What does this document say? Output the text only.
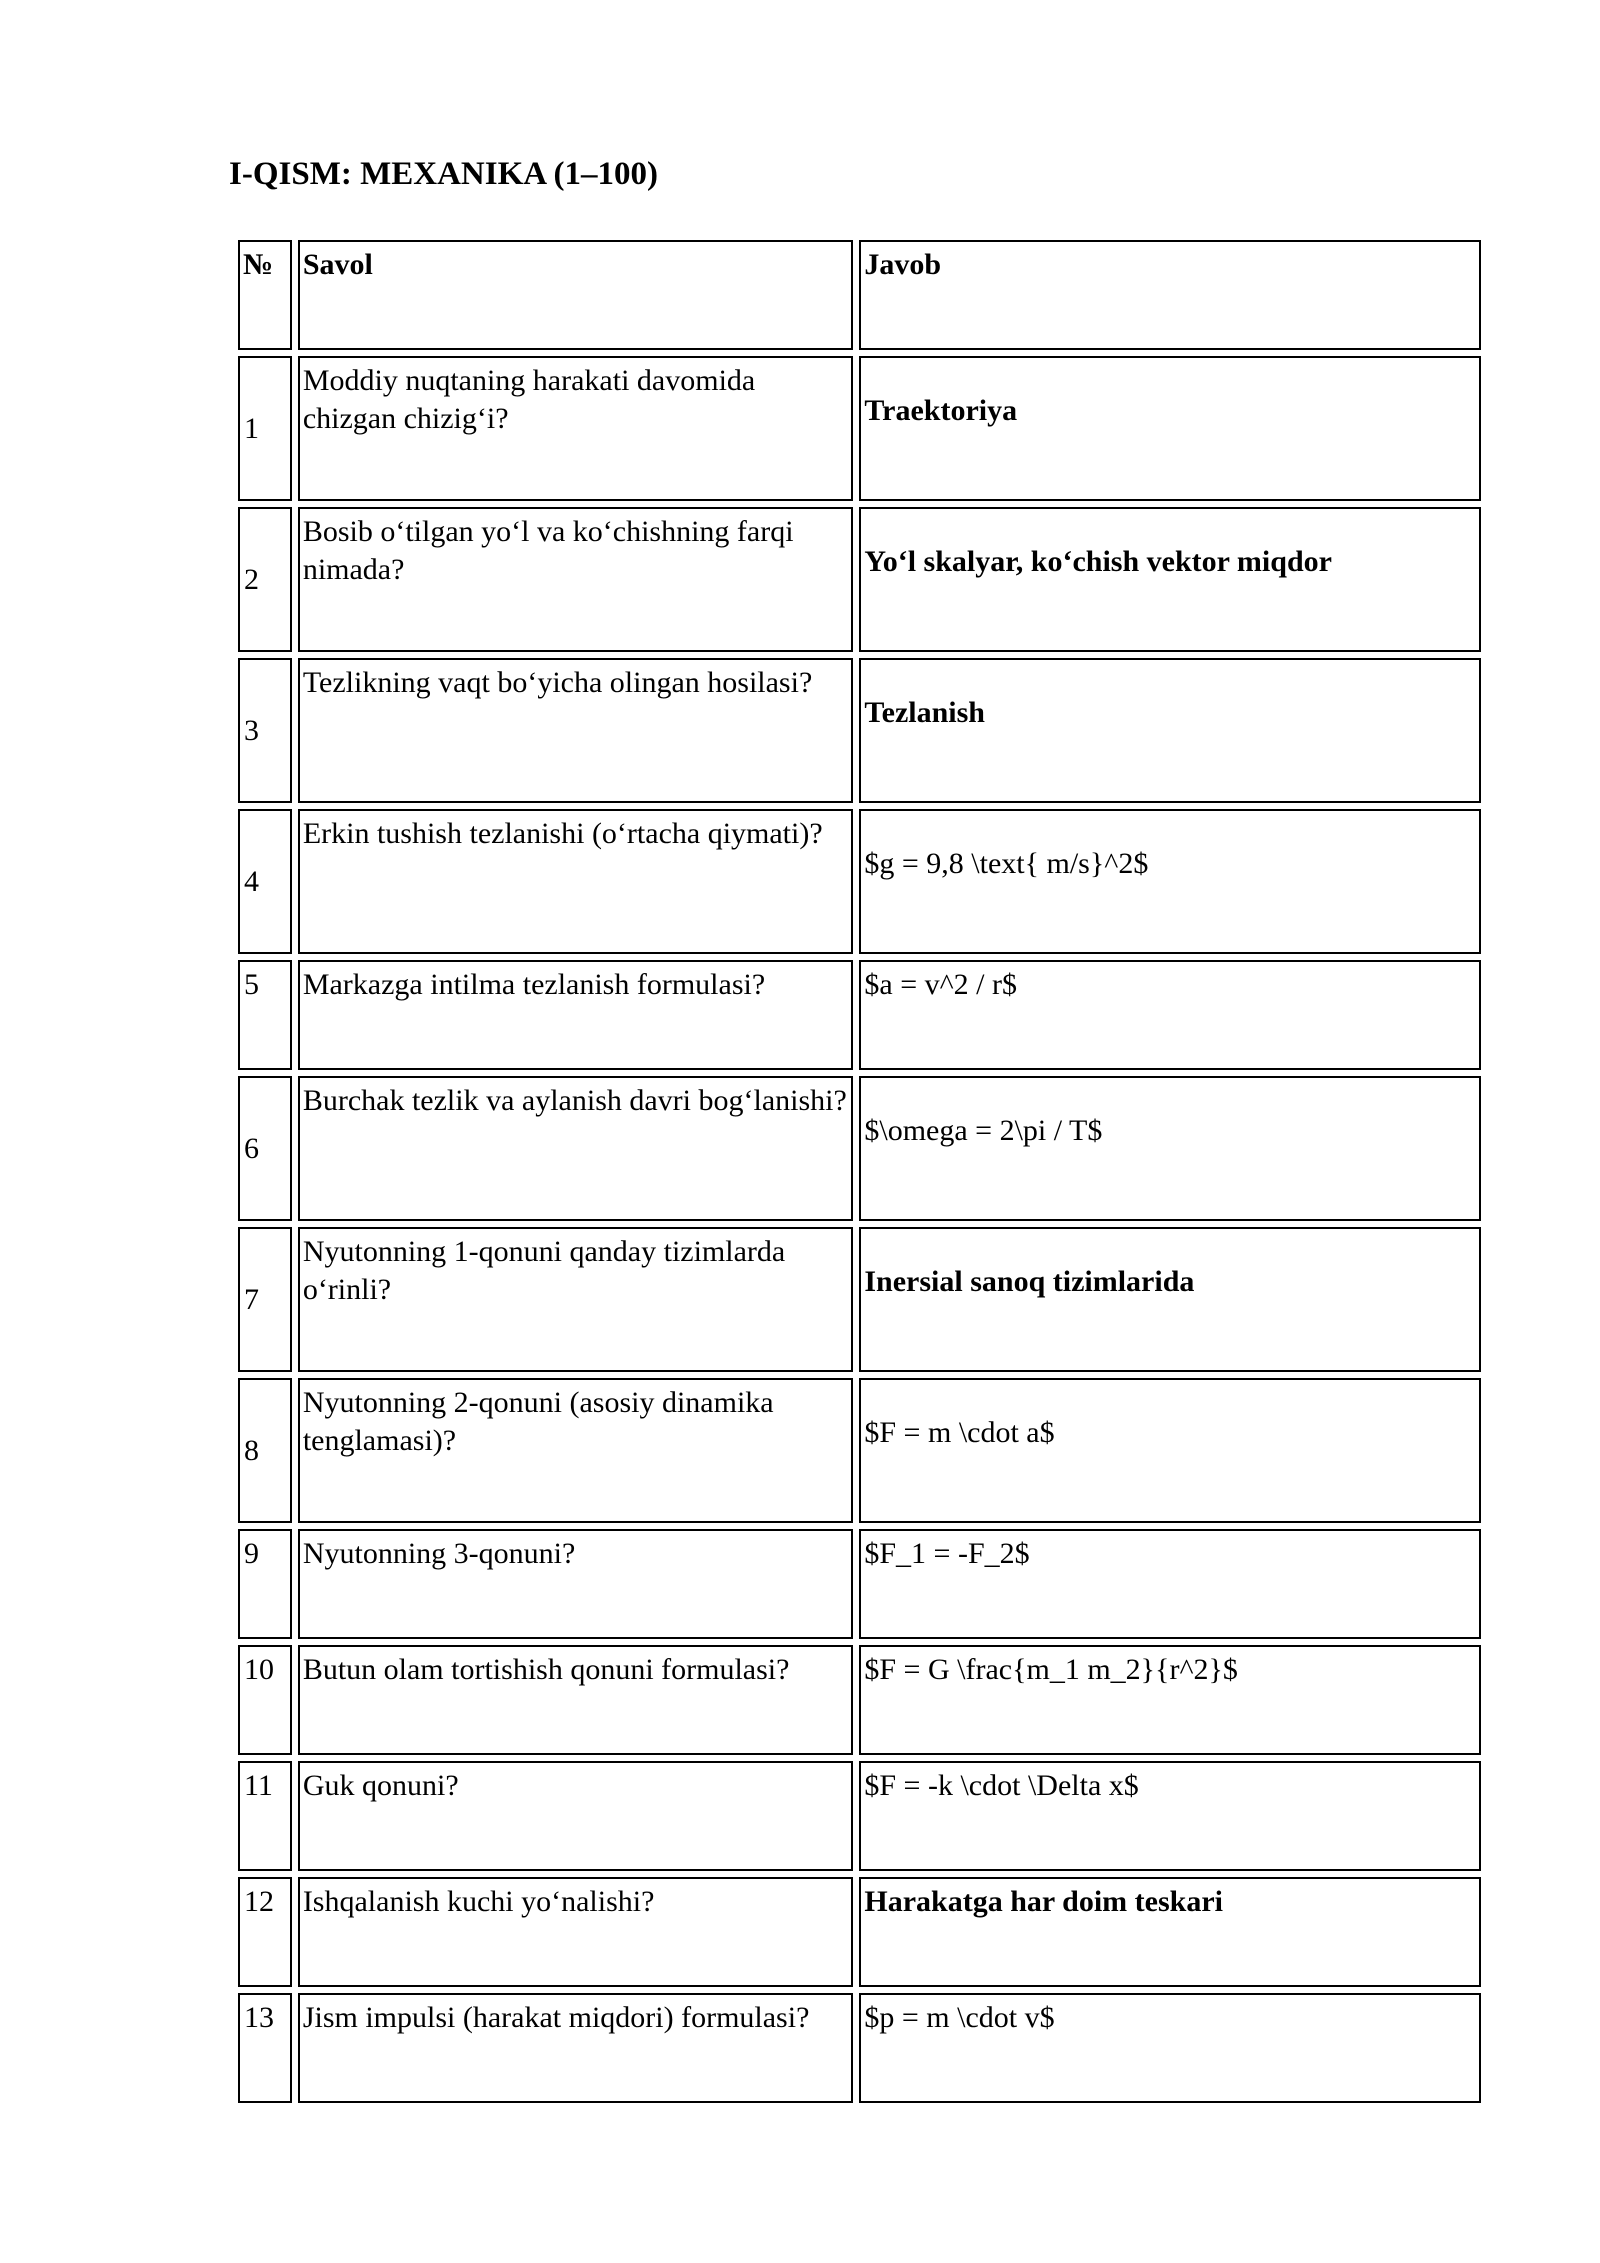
I-QISM: MEXANIKA (1–100)
№	Savol	Javob
1	Moddiy nuqtaning harakati davomida chizgan chizig‘i?	Traektoriya
2	Bosib o‘tilgan yo‘l va ko‘chishning farqi nimada?	Yo‘l skalyar, ko‘chish vektor miqdor
3	Tezlikning vaqt bo‘yicha olingan hosilasi?	Tezlanish
4	Erkin tushish tezlanishi (o‘rtacha qiymati)?	$g = 9,8 \text{ m/s}^2$
5	Markazga intilma tezlanish formulasi?	$a = v^2 / r$
6	Burchak tezlik va aylanish davri bog‘lanishi?	$\omega = 2\pi / T$
7	Nyutonning 1-qonuni qanday tizimlarda o‘rinli?	Inersial sanoq tizimlarida
8	Nyutonning 2-qonuni (asosiy dinamika tenglamasi)?	$F = m \cdot a$
9	Nyutonning 3-qonuni?	$F_1 = -F_2$
10	Butun olam tortishish qonuni formulasi?	$F = G \frac{m_1 m_2}{r^2}$
11	Guk qonuni?	$F = -k \cdot \Delta x$
12	Ishqalanish kuchi yo‘nalishi?	Harakatga har doim teskari
13	Jism impulsi (harakat miqdori) formulasi?	$p = m \cdot v$
